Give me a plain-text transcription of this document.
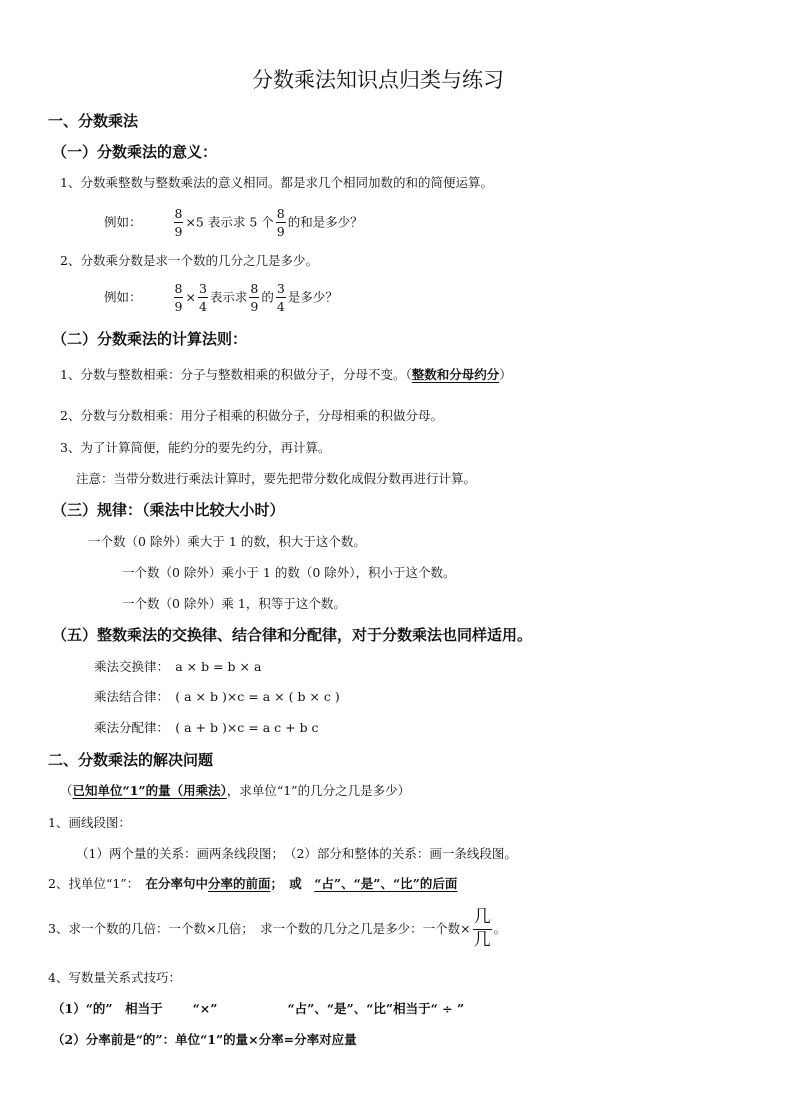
分数乘法知识点归类与练习
一、分数乘法
（一）分数乘法的意义：
1、分数乘整数与整数乘法的意义相同。都是求几个相同加数的和的简便运算。
例如：	$\frac{8}{9} \times 5$ 表示求 5 个 $\frac{8}{9}$ 的和是多少？
2、分数乘分数是求一个数的几分之几是多少。
例如：	$\frac{8}{9} \times \frac{3}{4}$ 表示求 $\frac{8}{9}$ 的 $\frac{3}{4}$ 是多少？
（二）分数乘法的计算法则：
1、分数与整数相乘：分子与整数相乘的积做分子，分母不变。（整数和分母约分）
2、分数与分数相乘：用分子相乘的积做分子，分母相乘的积做分母。
3、为了计算简便，能约分的要先约分，再计算。
注意：当带分数进行乘法计算时，要先把带分数化成假分数再进行计算。
（三）规律：（乘法中比较大小时）
一个数（0 除外）乘大于 1 的数，积大于这个数。
一个数（0 除外）乘小于 1 的数（0 除外），积小于这个数。
一个数（0 除外）乘 1，积等于这个数。
（五）整数乘法的交换律、结合律和分配律，对于分数乘法也同样适用。
乘法交换律：　a × b = b × a
乘法结合律：　( a × b )×c = a × ( b × c )
乘法分配律：　( a + b )×c = a c + b c
二、分数乘法的解决问题
（已知单位“1”的量（用乘法），求单位“1”的几分之几是多少）
1、画线段图：
（1）两个量的关系：画两条线段图；　（2）部分和整体的关系：画一条线段图。
2、找单位“1”：　在分率句中分率的前面；　或　“占”、“是”、“比”的后面
3、求一个数的几倍：一个数×几倍；　求一个数的几分之几是多少：一个数× $\frac{\text{几}}{\text{几}}$ 。
4、写数量关系式技巧：
（1）“的”　相当于 “×”	“占”、“是”、“比”相当于“ ÷ ”
（2）分率前是“的”：单位“1”的量×分率=分率对应量
